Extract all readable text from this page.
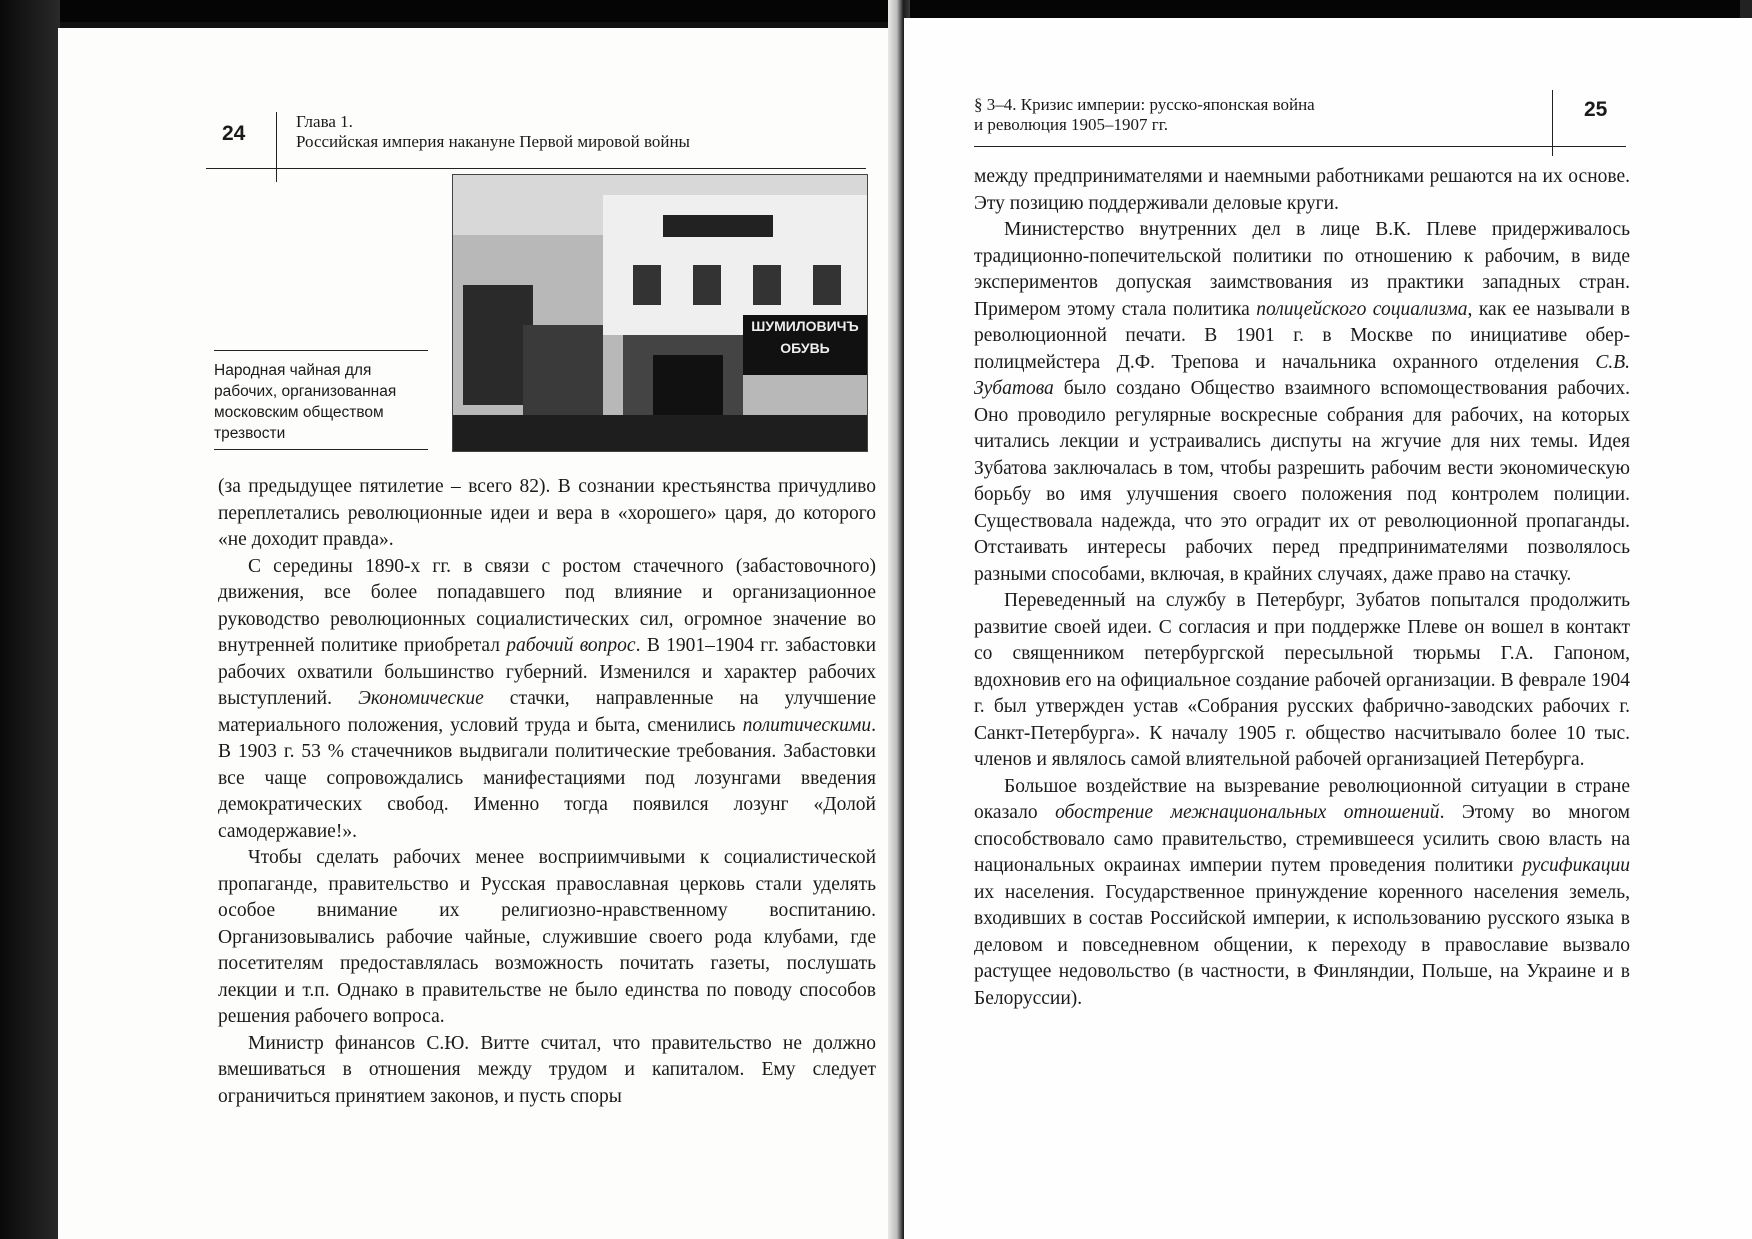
24
Глава 1.
Российская империя накануне Первой мировой войны
ШУМИЛОВИЧЪ
ОБУВЬ
Народная чайная для рабочих, организованная московским обществом трезвости

(за предыдущее пятилетие – всего 82). В сознании крестьянства причудливо переплетались революционные идеи и вера в «хорошего» царя, до которого «не доходит правда».

С середины 1890-х гг. в связи с ростом стачечного (забастовочного) движения, все более попадавшего под влияние и организационное руководство революционных социалистических сил, огромное значение во внутренней политике приобретал рабочий вопрос. В 1901–1904 гг. забастовки рабочих охватили большинство губерний. Изменился и характер рабочих выступлений. Экономические стачки, направленные на улучшение материального положения, условий труда и быта, сменились политическими. В 1903 г. 53 % стачечников выдвигали политические требования. Забастовки все чаще сопровождались манифестациями под лозунгами введения демократических свобод. Именно тогда появился лозунг «Долой самодержавие!».

Чтобы сделать рабочих менее восприимчивыми к социалистической пропаганде, правительство и Русская православная церковь стали уделять особое внимание их религиозно-нравственному воспитанию. Организовывались рабочие чайные, служившие своего рода клубами, где посетителям предоставлялась возможность почитать газеты, послушать лекции и т.п. Однако в правительстве не было единства по поводу способов решения рабочего вопроса.

Министр финансов С.Ю. Витте считал, что правительство не должно вмешиваться в отношения между трудом и капиталом. Ему следует ограничиться принятием законов, и пусть споры

§ 3–4. Кризис империи: русско-японская война
и революция 1905–1907 гг.
25

между предпринимателями и наемными работниками решаются на их основе. Эту позицию поддерживали деловые круги.

Министерство внутренних дел в лице В.К. Плеве придерживалось традиционно-попечительской политики по отношению к рабочим, в виде экспериментов допуская заимствования из практики западных стран. Примером этому стала политика полицейского социализма, как ее называли в революционной печати. В 1901 г. в Москве по инициативе обер-полицмейстера Д.Ф. Трепова и начальника охранного отделения С.В. Зубатова было создано Общество взаимного вспомоществования рабочих. Оно проводило регулярные воскресные собрания для рабочих, на которых читались лекции и устраивались диспуты на жгучие для них темы. Идея Зубатова заключалась в том, чтобы разрешить рабочим вести экономическую борьбу во имя улучшения своего положения под контролем полиции. Существовала надежда, что это оградит их от революционной пропаганды. Отстаивать интересы рабочих перед предпринимателями позволялось разными способами, включая, в крайних случаях, даже право на стачку.

Переведенный на службу в Петербург, Зубатов попытался продолжить развитие своей идеи. С согласия и при поддержке Плеве он вошел в контакт со священником петербургской пересыльной тюрьмы Г.А. Гапоном, вдохновив его на официальное создание рабочей организации. В феврале 1904 г. был утвержден устав «Собрания русских фабрично-заводских рабочих г. Санкт-Петербурга». К началу 1905 г. общество насчитывало более 10 тыс. членов и являлось самой влиятельной рабочей организацией Петербурга.

Большое воздействие на вызревание революционной ситуации в стране оказало обострение межнациональных отношений. Этому во многом способствовало само правительство, стремившееся усилить свою власть на национальных окраинах империи путем проведения политики русификации их населения. Государственное принуждение коренного населения земель, входивших в состав Российской империи, к использованию русского языка в деловом и повседневном общении, к переходу в православие вызвало растущее недовольство (в частности, в Финляндии, Польше, на Украине и в Белоруссии).
